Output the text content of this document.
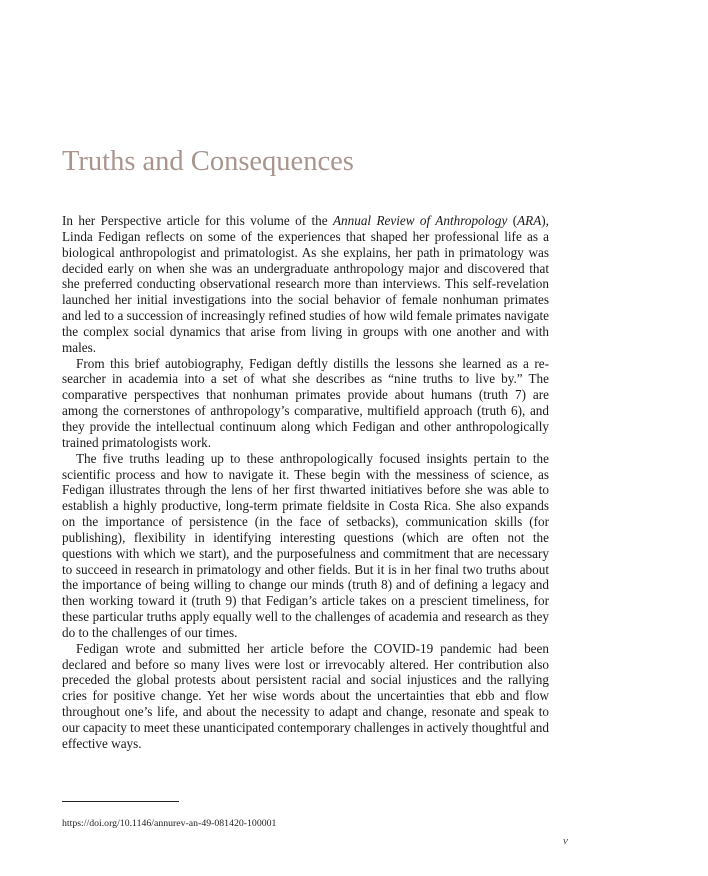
Truths and Consequences

In her Perspective article for this volume of the Annual Review of Anthropology (ARA), Linda Fedigan reflects on some of the experiences that shaped her professional life as a biological anthropologist and primatologist. As she explains, her path in primatology was decided early on when she was an undergraduate anthropology major and discovered that she preferred conducting observational research more than interviews. This self-revelation launched her initial investigations into the social behavior of female nonhuman primates and led to a succession of increasingly refined studies of how wild female primates navigate the complex social dynamics that arise from living in groups with one another and with males.

From this brief autobiography, Fedigan deftly distills the lessons she learned as a researcher in academia into a set of what she describes as “nine truths to live by.” The comparative perspectives that nonhuman primates provide about humans (truth 7) are among the cornerstones of anthropology’s comparative, multifield approach (truth 6), and they provide the intellectual continuum along which Fedigan and other anthropologically trained primatologists work.

The five truths leading up to these anthropologically focused insights pertain to the scientific process and how to navigate it. These begin with the messiness of science, as Fedigan illustrates through the lens of her first thwarted initiatives before she was able to establish a highly productive, long-term primate fieldsite in Costa Rica. She also expands on the importance of persistence (in the face of setbacks), communication skills (for publishing), flexibility in identifying interesting questions (which are often not the questions with which we start), and the purposefulness and commitment that are necessary to succeed in research in primatology and other fields. But it is in her final two truths about the importance of being willing to change our minds (truth 8) and of defining a legacy and then working toward it (truth 9) that Fedigan’s article takes on a prescient timeliness, for these particular truths apply equally well to the challenges of academia and research as they do to the challenges of our times.

Fedigan wrote and submitted her article before the COVID-19 pandemic had been declared and before so many lives were lost or irrevocably altered. Her contribution also preceded the global protests about persistent racial and social injustices and the rallying cries for positive change. Yet her wise words about the uncertainties that ebb and flow throughout one’s life, and about the necessity to adapt and change, resonate and speak to our capacity to meet these unanticipated contemporary challenges in actively thoughtful and effective ways.

https://doi.org/10.1146/annurev-an-49-081420-100001
v
